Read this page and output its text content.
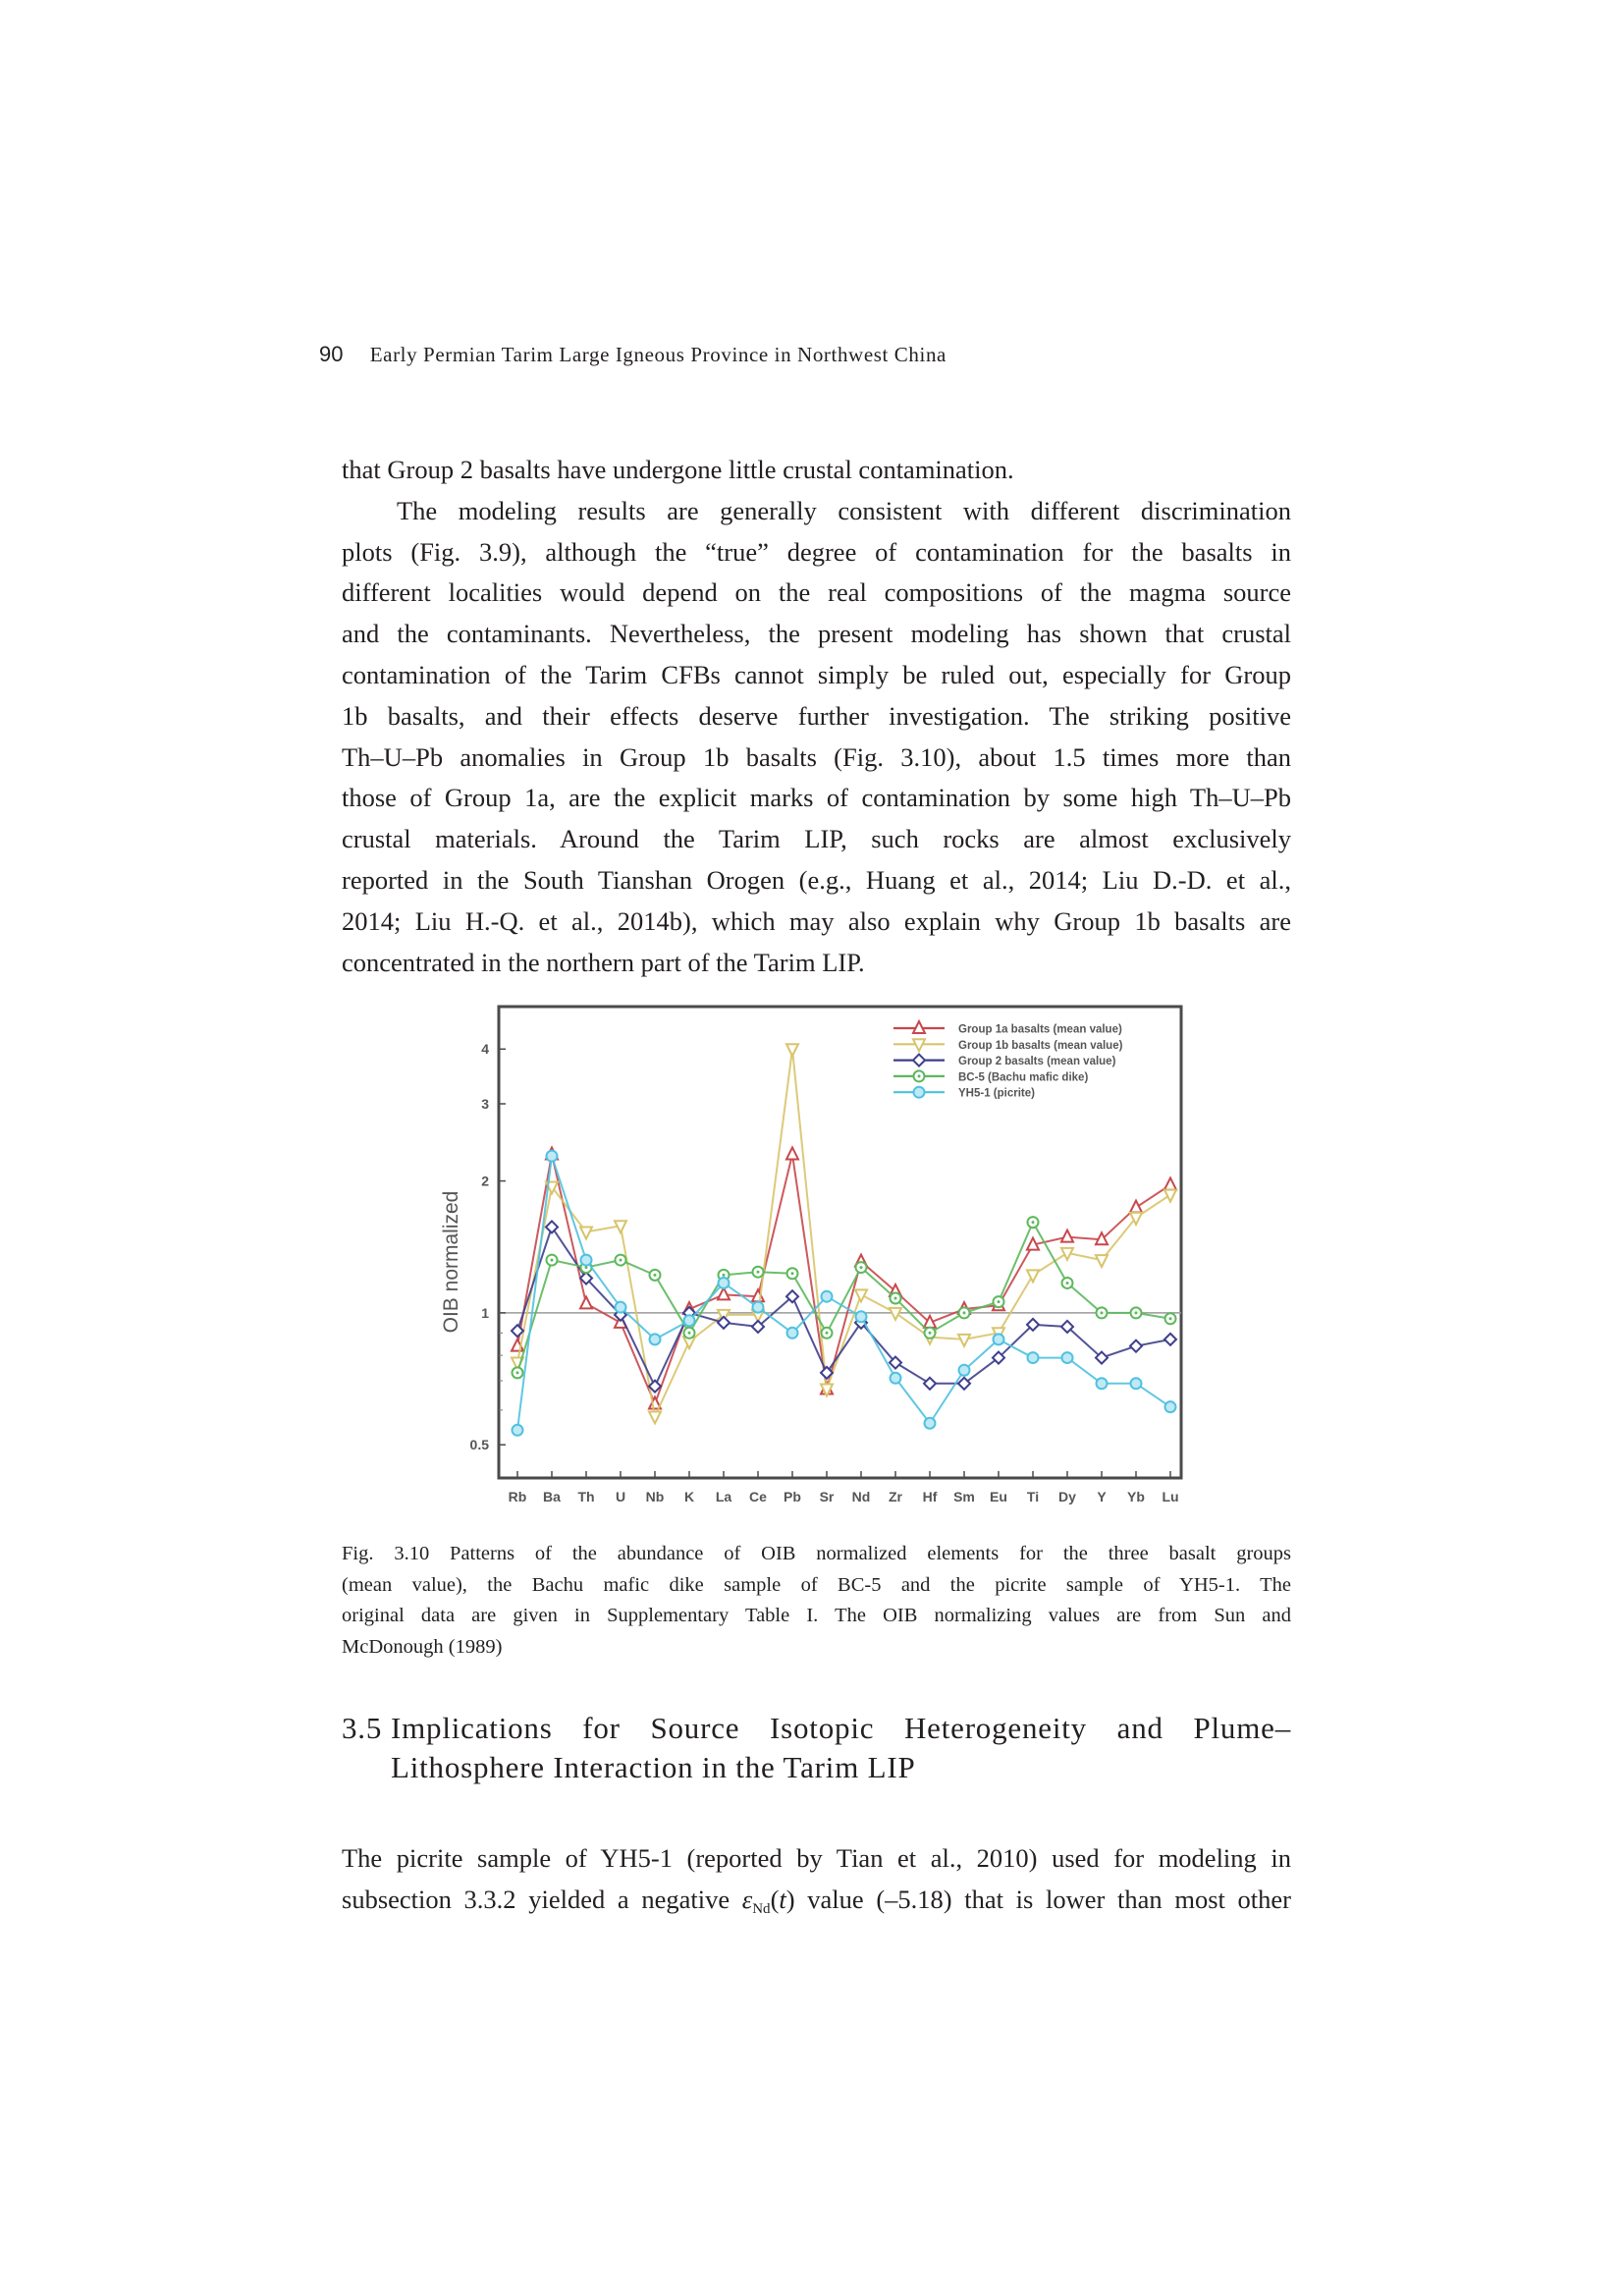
90 Early Permian Tarim Large Igneous Province in Northwest China
that Group 2 basalts have undergone little crustal contamination.
The modeling results are generally consistent with different discrimination
plots (Fig. 3.9), although the “true” degree of contamination for the basalts in
different localities would depend on the real compositions of the magma source
and the contaminants. Nevertheless, the present modeling has shown that crustal
contamination of the Tarim CFBs cannot simply be ruled out, especially for Group
1b basalts, and their effects deserve further investigation. The striking positive
Th–U–Pb anomalies in Group 1b basalts (Fig. 3.10), about 1.5 times more than
those of Group 1a, are the explicit marks of contamination by some high Th–U–Pb
crustal materials. Around the Tarim LIP, such rocks are almost exclusively
reported in the South Tianshan Orogen (e.g., Huang et al., 2014; Liu D.-D. et al.,
2014; Liu H.-Q. et al., 2014b), which may also explain why Group 1b basalts are
concentrated in the northern part of the Tarim LIP.
0.5
1
2
3
4
OIB normalized
Rb Ba Th U Nb K La Ce Pb Sr Nd Zr Hf Sm Eu Ti Dy Y Yb Lu
Group 1a basalts (mean value)
Group 1b basalts (mean value)
Group 2 basalts (mean value)
BC-5 (Bachu mafic dike)
YH5-1 (picrite)
Fig. 3.10 Patterns of the abundance of OIB normalized elements for the three basalt groups
(mean value), the Bachu mafic dike sample of BC-5 and the picrite sample of YH5-1. The
original data are given in Supplementary Table I. The OIB normalizing values are from Sun and
McDonough (1989)
3.5 Implications for Source Isotopic Heterogeneity and Plume–
Lithosphere Interaction in the Tarim LIP
The picrite sample of YH5-1 (reported by Tian et al., 2010) used for modeling in
subsection 3.3.2 yielded a negative $\varepsilon_{Nd}(t)$ value (–5.18) that is lower than most other
